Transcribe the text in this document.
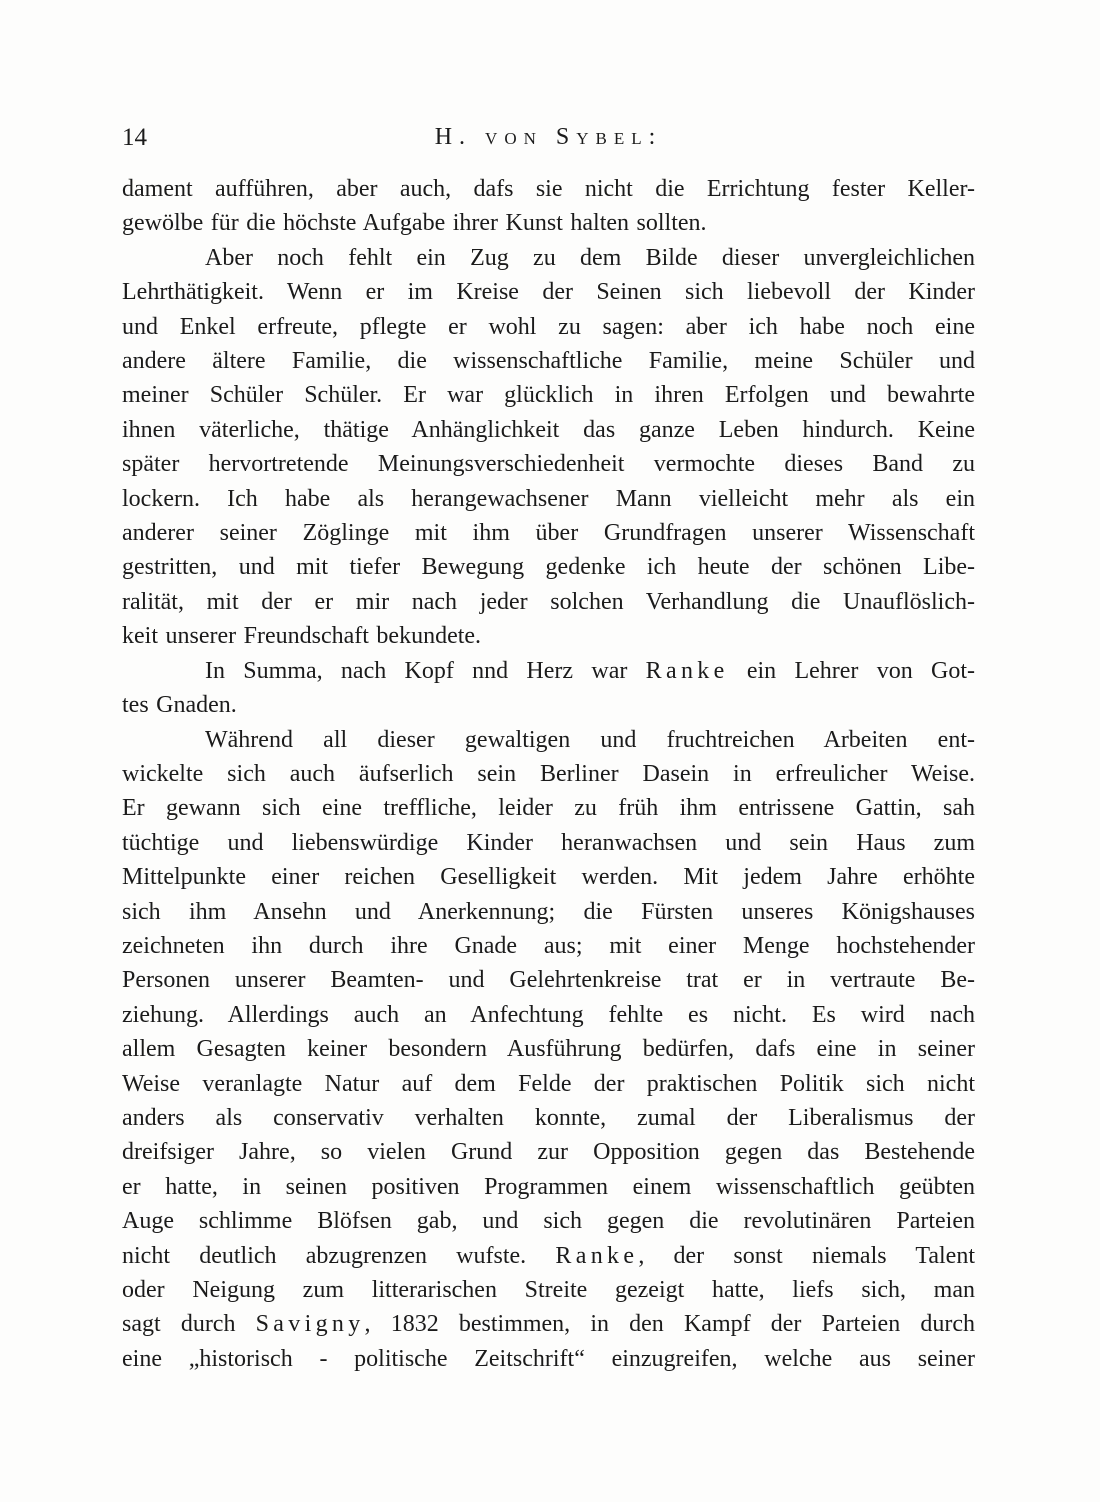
14	H. von Sybel:
dament aufführen, aber auch, dafs sie nicht die Errichtung fester Keller-
gewölbe für die höchste Aufgabe ihrer Kunst halten sollten.
Aber noch fehlt ein Zug zu dem Bilde dieser unvergleichlichen
Lehrthätigkeit. Wenn er im Kreise der Seinen sich liebevoll der Kinder
und Enkel erfreute, pflegte er wohl zu sagen: aber ich habe noch eine
andere ältere Familie, die wissenschaftliche Familie, meine Schüler und
meiner Schüler Schüler. Er war glücklich in ihren Erfolgen und bewahrte
ihnen väterliche, thätige Anhänglichkeit das ganze Leben hindurch. Keine
später hervortretende Meinungsverschiedenheit vermochte dieses Band zu
lockern. Ich habe als herangewachsener Mann vielleicht mehr als ein
anderer seiner Zöglinge mit ihm über Grundfragen unserer Wissenschaft
gestritten, und mit tiefer Bewegung gedenke ich heute der schönen Libe-
ralität, mit der er mir nach jeder solchen Verhandlung die Unauflöslich-
keit unserer Freundschaft bekundete.
In Summa, nach Kopf nnd Herz war Ranke ein Lehrer von Got-
tes Gnaden.
Während all dieser gewaltigen und fruchtreichen Arbeiten ent-
wickelte sich auch äufserlich sein Berliner Dasein in erfreulicher Weise.
Er gewann sich eine treffliche, leider zu früh ihm entrissene Gattin, sah
tüchtige und liebenswürdige Kinder heranwachsen und sein Haus zum
Mittelpunkte einer reichen Geselligkeit werden. Mit jedem Jahre erhöhte
sich ihm Ansehn und Anerkennung; die Fürsten unseres Königshauses
zeichneten ihn durch ihre Gnade aus; mit einer Menge hochstehender
Personen unserer Beamten- und Gelehrtenkreise trat er in vertraute Be-
ziehung. Allerdings auch an Anfechtung fehlte es nicht. Es wird nach
allem Gesagten keiner besondern Ausführung bedürfen, dafs eine in seiner
Weise veranlagte Natur auf dem Felde der praktischen Politik sich nicht
anders als conservativ verhalten konnte, zumal der Liberalismus der
dreifsiger Jahre, so vielen Grund zur Opposition gegen das Bestehende
er hatte, in seinen positiven Programmen einem wissenschaftlich geübten
Auge schlimme Blöfsen gab, und sich gegen die revolutinären Parteien
nicht deutlich abzugrenzen wufste. Ranke, der sonst niemals Talent
oder Neigung zum litterarischen Streite gezeigt hatte, liefs sich, man
sagt durch Savigny, 1832 bestimmen, in den Kampf der Parteien durch
eine „historisch - politische Zeitschrift“ einzugreifen, welche aus seiner
